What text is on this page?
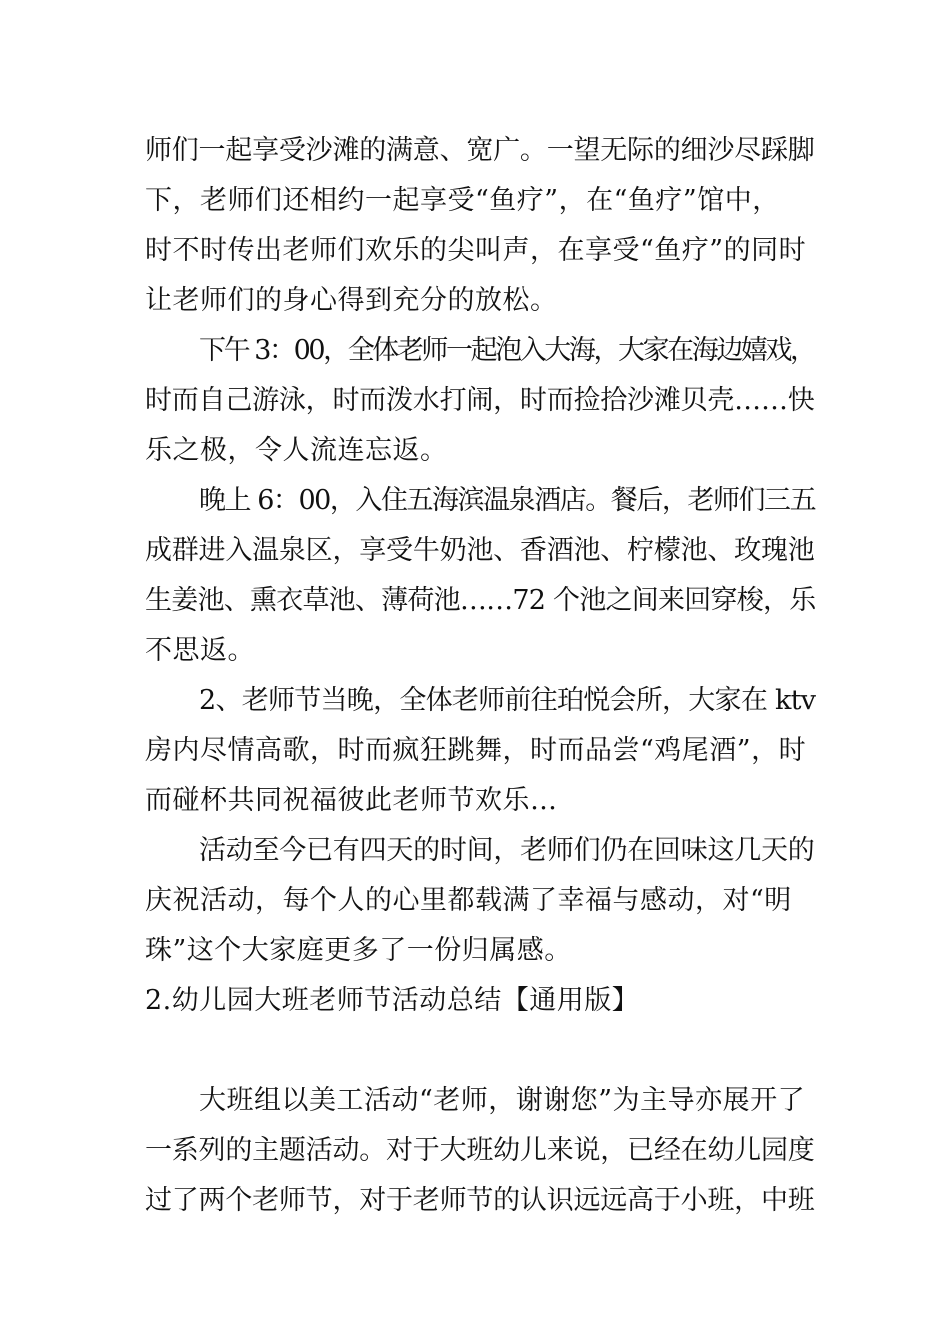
师们一起享受沙滩的满意、宽广。一望无际的细沙尽踩脚
下，老师们还相约一起享受“鱼疗”，在“鱼疗”馆中，
时不时传出老师们欢乐的尖叫声，在享受“鱼疗”的同时
让老师们的身心得到充分的放松。
下午 3：00，全体老师一起泡入大海，大家在海边嬉戏，
时而自己游泳，时而泼水打闹，时而捡拾沙滩贝壳……快
乐之极，令人流连忘返。
晚上 6：00，入住五海滨温泉酒店。餐后，老师们三五
成群进入温泉区，享受牛奶池、香酒池、柠檬池、玫瑰池
生姜池、熏衣草池、薄荷池……72 个池之间来回穿梭，乐
不思返。
2、老师节当晚，全体老师前往珀悦会所，大家在 ktv
房内尽情高歌，时而疯狂跳舞，时而品尝“鸡尾酒”，时
而碰杯共同祝福彼此老师节欢乐…
活动至今已有四天的时间，老师们仍在回味这几天的
庆祝活动，每个人的心里都载满了幸福与感动，对“明
珠”这个大家庭更多了一份归属感。
2.幼儿园大班老师节活动总结【通用版】
大班组以美工活动“老师，谢谢您”为主导亦展开了
一系列的主题活动。对于大班幼儿来说，已经在幼儿园度
过了两个老师节，对于老师节的认识远远高于小班，中班
